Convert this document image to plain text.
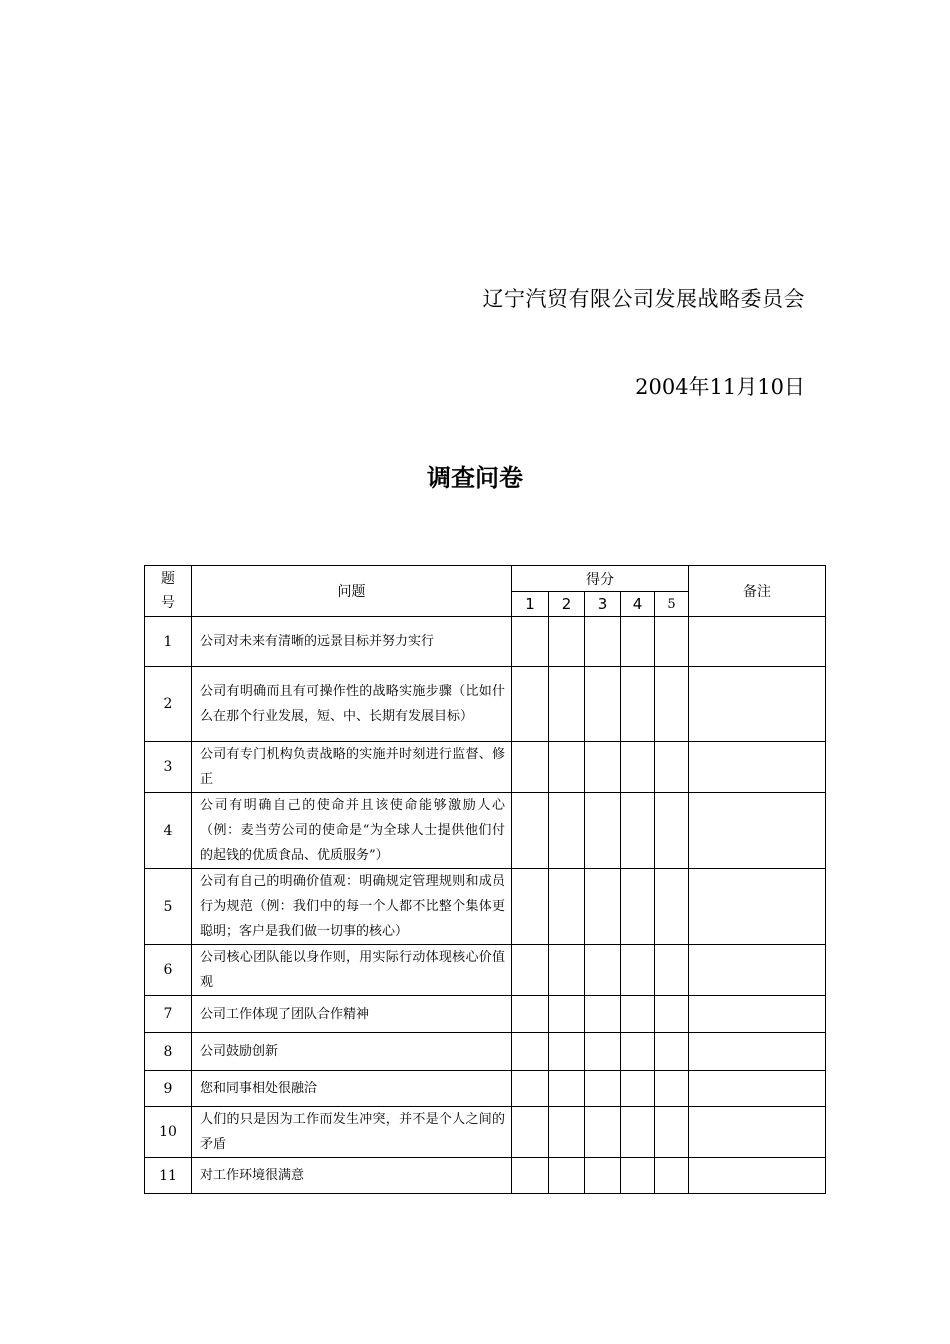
辽宁汽贸有限公司发展战略委员会
2004年11月10日
调查问卷
题
号	问题	得分					备注
		1	2	3	4	5	
1	公司对未来有清晰的远景目标并努力实行						
2	公司有明确而且有可操作性的战略实施步骤（比如什么在那个行业发展，短、中、长期有发展目标）						
3	公司有专门机构负责战略的实施并时刻进行监督、修正						
4	公司有明确自己的使命并且该使命能够激励人心（例：麦当劳公司的使命是“为全球人士提供他们付的起钱的优质食品、优质服务”）						
5	公司有自己的明确价值观：明确规定管理规则和成员行为规范（例：我们中的每一个人都不比整个集体更聪明；客户是我们做一切事的核心）						
6	公司核心团队能以身作则，用实际行动体现核心价值观						
7	公司工作体现了团队合作精神						
8	公司鼓励创新						
9	您和同事相处很融洽						
10	人们的只是因为工作而发生冲突，并不是个人之间的矛盾						
11	对工作环境很满意						
